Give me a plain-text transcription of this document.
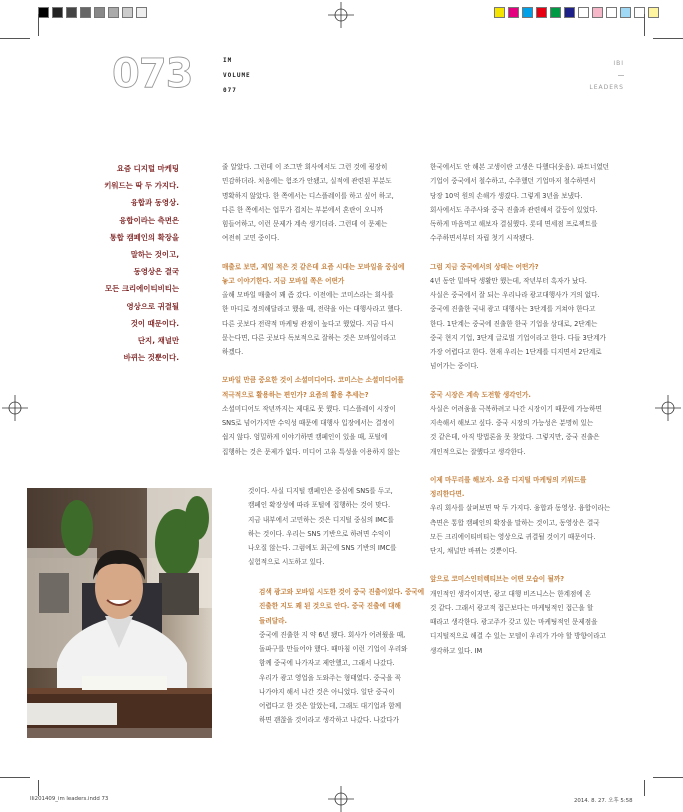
073	IM
VOLUME
077
IBI
LEADERS
요즘 디지털 마케팅
키워드는 딱 두 가지다.
융합과 동영상.
융합이라는 측면은
통합 캠페인의 확장을
말하는 것이고,
동영상은 결국
모든 크리에이티비티는
영상으로 귀결될
것이 때문이다.
단지, 채널만
바뀌는 것뿐이다.
줄 알았다. 그런데 이 조그만 회사에서도 그런 것에 굉장히
민감하더라. 처음에는 험조가 안됐고, 실적에 관련된 부분도
명확하지 않았다. 한 쪽에서는 디스플레이를 하고 싶어 하고,
다른 한 쪽에서는 업무가 겹치는 부분에서 혼란이 오니까
힘들어하고, 이런 문제가 계속 생기더라. 그런데 이 문제는
여전히 고민 중이다.
매출로 보면, 제일 적은 것 같은데 요즘 시대는 모바일을 중심에
놓고 이야기한다. 지금 모바일 쪽은 어떤가
올해 모바일 매출이 꽤 좀 갔다. 이전에는 코미스라는 회사를
한 마디로 정의해달라고 했을 때, 전략을 아는 대행사라고 했다.
다른 곳보다 전략적 마케팅 관점이 높다고 했었다. 지금 다시
묻는다면, 다른 곳보다 독보적으로 잘하는 것은 모바일이라고
하겠다.
모바일 만큼 중요한 것이 소셜미디어다. 코미스는 소셜미디어를
적극적으로 활용하는 편인가? 요즘의 활용 추세는?
소셜미디어도 작년까지는 제대로 못 했다. 디스플레이 시장이
SNS로 넘어가지만 수익성 때문에 대행사 입장에서는 결정이
쉽지 않다. 엄밀하게 이야기하면 캠페인이 있을 때, 포털에
집행하는 것은 문제가 없다. 미디어 고유 특성을 이용하지 않는
것이다. 사실 디지털 캠페인은 중심에 SNS를 두고,
캠페인 확장성에 따라 포털에 집행하는 것이 맞다.
지금 내부에서 고민하는 것은 디지털 중심의 IMC를
하는 것이다. 우리는 SNS 기반으로 하려면 수익이
나오질 않는다. 그럼에도 최근에 SNS 기반의 IMC를
실험적으로 시도하고 있다.
검색 광고와 모바일 시도한 것이 중국 진출이었다. 중국에
진출한 지도 꽤 된 것으로 안다. 중국 진출에 대해
들려달라.
중국에 진출한 지 약 6년 됐다. 회사가 어려웠을 때,
돌파구를 만들어야 했다. 때마침 이런 기업이 우리와
함께 중국에 나가자고 제안했고, 그래서 나갔다.
우리가 광고 영업을 도와주는 형태였다. 중국을 꼭
나가야지 해서 나간 것은 아니었다. 일단 중국이
어렵다고 한 것은 알았는데, 그래도 대기업과 함께
하면 괜찮을 것이라고 생각하고 나갔다. 나갔다가
한국에서도 안 해본 고생이란 고생은 다했다(웃음). 파트너였던
기업이 중국에서 철수하고, 수주했던 기업마저 철수하면서
당장 10억 원의 손해가 생겼다. 그렇게 3년을 보냈다.
회사에서도 주주사와 중국 진출과 관련해서 갈등이 있었다.
독하게 마음먹고 해보자 결심했다. 롯데 면세점 프로젝트를
수주하면서부터 자립 첫기 시작됐다.
그럼 지금 중국에서의 상태는 어떤가?
4년 동안 밑바닥 생활만 했는데, 작년부터 흑자가 났다.
사실은 중국에서 잘 되는 우리나라 광고대행사가 거의 없다.
중국에 진출한 국내 광고 대행사는 3단계를 거쳐야 한다고
한다. 1단계는 중국에 진출한 한국 기업을 상대로, 2단계는
중국 현지 기업, 3단계 글로벌 기업이라고 한다. 다들 3단계가
가장 어렵다고 한다. 현재 우리는 1단계를 디지면서 2단계로
넘어가는 중이다.
중국 시장은 계속 도전할 생각인가.
사실은 어려움을 극복하려고 나간 시장이기 때문에 가능하면
지속해서 해보고 싶다. 중국 시장의 가능성은 분명히 있는
것 같은데, 아직 방법론을 못 찾았다. 그렇지만, 중국 진출은
개인적으로는 잘했다고 생각한다.
이제 마무리를 해보자. 요즘 디지털 마케팅의 키워드를
정리한다면.
우리 회사를 살펴보면 딱 두 가지다. 융합과 동영상. 융합이라는
측면은 통합 캠페인의 확장을 말하는 것이고, 동영상은 결국
모든 크리에이티비티는 영상으로 귀결될 것이기 때문이다.
단지, 채널만 바뀌는 것뿐이다.
앞으로 코미스인터렉티브는 어떤 모습이 될까?
개인적인 생각이지만, 광고 대행 비즈니스는 한계점에 온
것 같다. 그래서 광고적 접근보다는 마케팅적인 접근을 할
때라고 생각한다. 광고주가 갖고 있는 마케팅적인 문제점을
디지털적으로 해결 수 있는 모델이 우리가 가야 할 방향이라고
생각하고 있다. IM
IIi201409_im leaders.indd 73	2014. 8. 27. 오후 5:58
